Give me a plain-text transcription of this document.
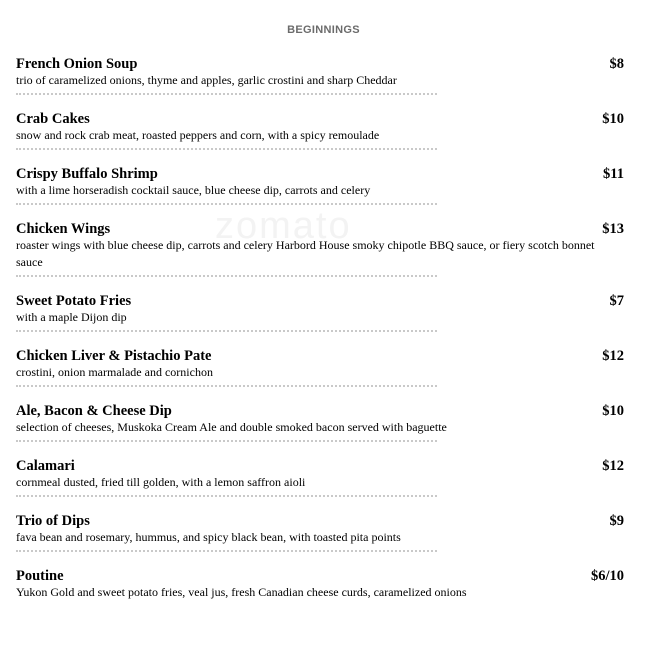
zomato
BEGINNINGS
French Onion Soup	$8
trio of caramelized onions, thyme and apples, garlic crostini and sharp Cheddar
Crab Cakes	$10
snow and rock crab meat, roasted peppers and corn, with a spicy remoulade
Crispy Buffalo Shrimp	$11
with a lime horseradish cocktail sauce, blue cheese dip, carrots and celery
Chicken Wings	$13
roaster wings with blue cheese dip, carrots and celery Harbord House smoky chipotle BBQ sauce, or fiery scotch bonnet sauce
Sweet Potato Fries	$7
with a maple Dijon dip
Chicken Liver & Pistachio Pate	$12
crostini, onion marmalade and cornichon
Ale, Bacon & Cheese Dip	$10
selection of cheeses, Muskoka Cream Ale and double smoked bacon served with baguette
Calamari	$12
cornmeal dusted, fried till golden, with a lemon saffron aioli
Trio of Dips	$9
fava bean and rosemary, hummus, and spicy black bean, with toasted pita points
Poutine	$6/10
Yukon Gold and sweet potato fries, veal jus, fresh Canadian cheese curds, caramelized onions
